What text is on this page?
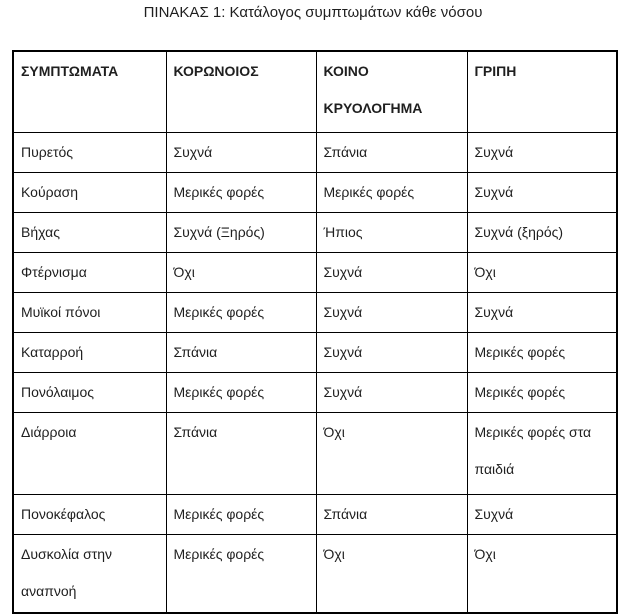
ΠΙΝΑΚΑΣ 1: Κατάλογος συμπτωμάτων κάθε νόσου
ΣΥΜΠΤΩΜΑΤΑ	ΚΟΡΩΝΟΙΟΣ	ΚΟΙΝΟ ΚΡΥΟΛΟΓΗΜΑ	ΓΡΙΠΗ
Πυρετός	Συχνά	Σπάνια	Συχνά
Κούραση	Μερικές φορές	Μερικές φορές	Συχνά
Βήχας	Συχνά (Ξηρός)	Ήπιος	Συχνά (ξηρός)
Φτέρνισμα	Όχι	Συχνά	Όχι
Μυϊκοί πόνοι	Μερικές φορές	Συχνά	Συχνά
Καταρροή	Σπάνια	Συχνά	Μερικές φορές
Πονόλαιμος	Μερικές φορές	Συχνά	Μερικές φορές
Διάρροια	Σπάνια	Όχι	Μερικές φορές στα παιδιά
Πονοκέφαλος	Μερικές φορές	Σπάνια	Συχνά
Δυσκολία στην αναπνοή	Μερικές φορές	Όχι	Όχι
